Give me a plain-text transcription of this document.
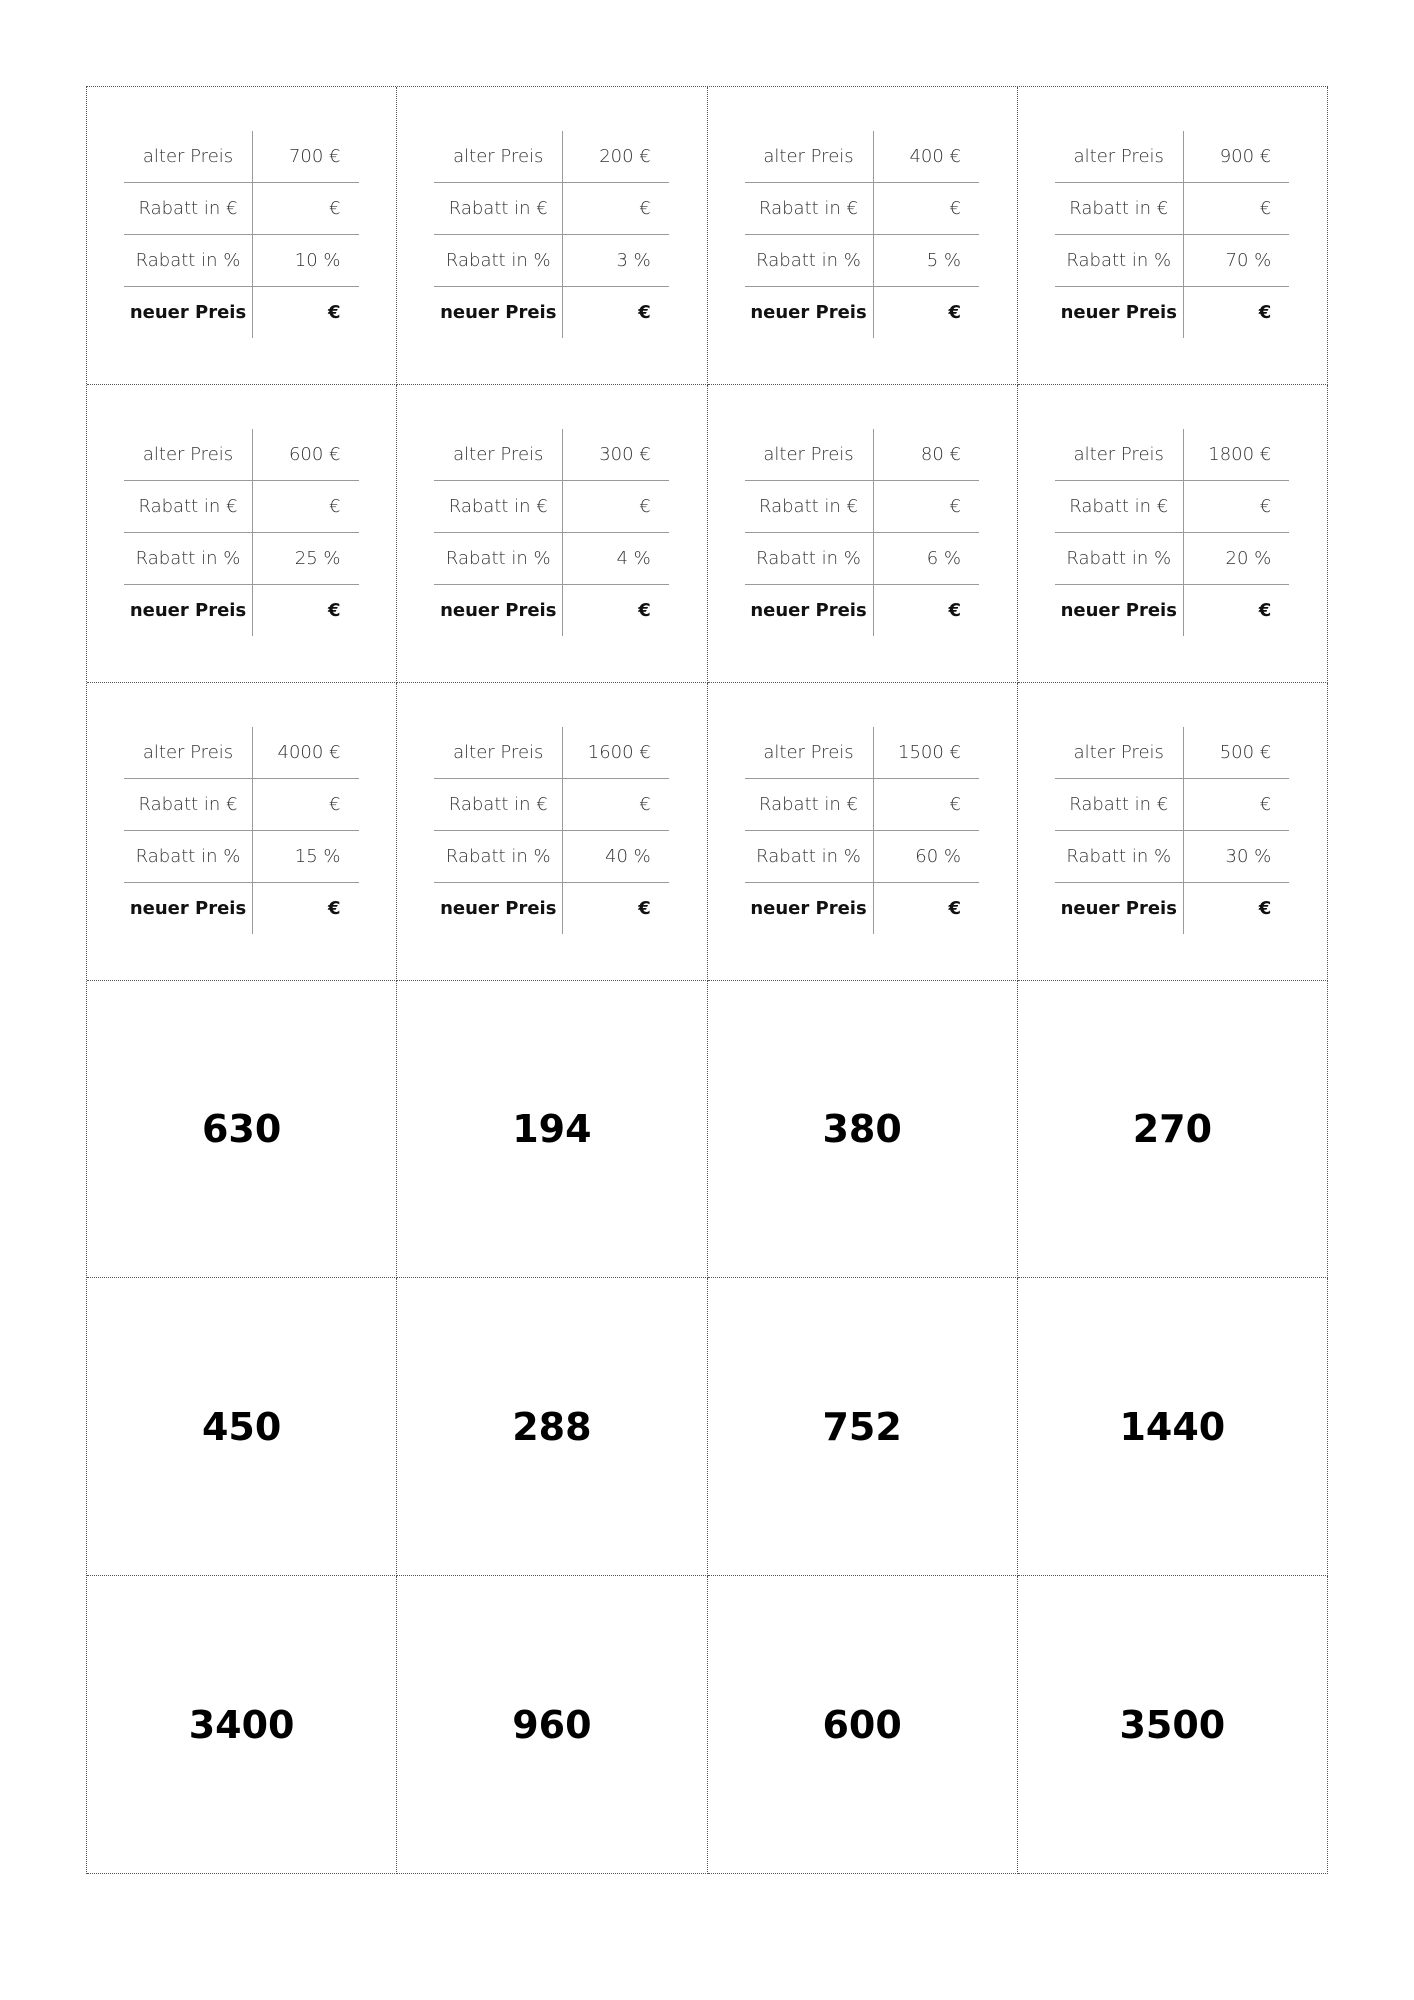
alter Preis	700 €
Rabatt in €	€
Rabatt in %	10 %
neuer Preis	€
alter Preis	200 €
Rabatt in €	€
Rabatt in %	3 %
neuer Preis	€
alter Preis	400 €
Rabatt in €	€
Rabatt in %	5 %
neuer Preis	€
alter Preis	900 €
Rabatt in €	€
Rabatt in %	70 %
neuer Preis	€
alter Preis	600 €
Rabatt in €	€
Rabatt in %	25 %
neuer Preis	€
alter Preis	300 €
Rabatt in €	€
Rabatt in %	4 %
neuer Preis	€
alter Preis	80 €
Rabatt in €	€
Rabatt in %	6 %
neuer Preis	€
alter Preis	1800 €
Rabatt in €	€
Rabatt in %	20 %
neuer Preis	€
alter Preis	4000 €
Rabatt in €	€
Rabatt in %	15 %
neuer Preis	€
alter Preis	1600 €
Rabatt in €	€
Rabatt in %	40 %
neuer Preis	€
alter Preis	1500 €
Rabatt in €	€
Rabatt in %	60 %
neuer Preis	€
alter Preis	500 €
Rabatt in €	€
Rabatt in %	30 %
neuer Preis	€
630	194	380	270
450	288	752	1440
3400	960	600	3500
